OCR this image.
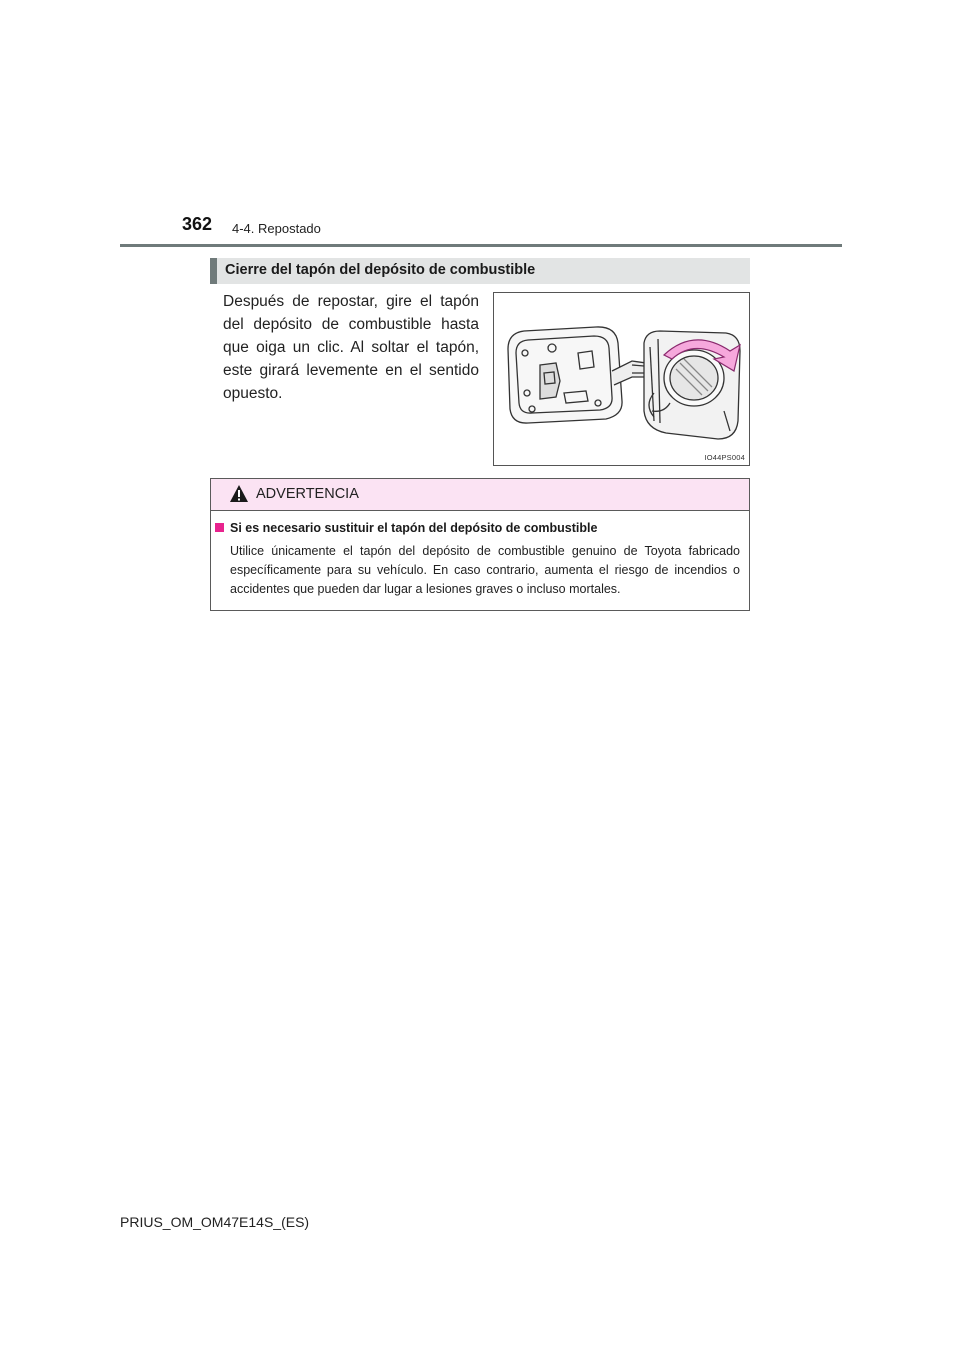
362 4-4. Repostado
Cierre del tapón del depósito de combustible
Después de repostar, gire el tapón del depósito de combustible hasta que oiga un clic. Al soltar el tapón, este girará levemente en el sentido opuesto.
IO44PS004
ADVERTENCIA
Si es necesario sustituir el tapón del depósito de combustible
Utilice únicamente el tapón del depósito de combustible genuino de Toyota fabricado específicamente para su vehículo. En caso contrario, aumenta el riesgo de incendios o accidentes que pueden dar lugar a lesiones graves o incluso mortales.
PRIUS_OM_OM47E14S_(ES)
